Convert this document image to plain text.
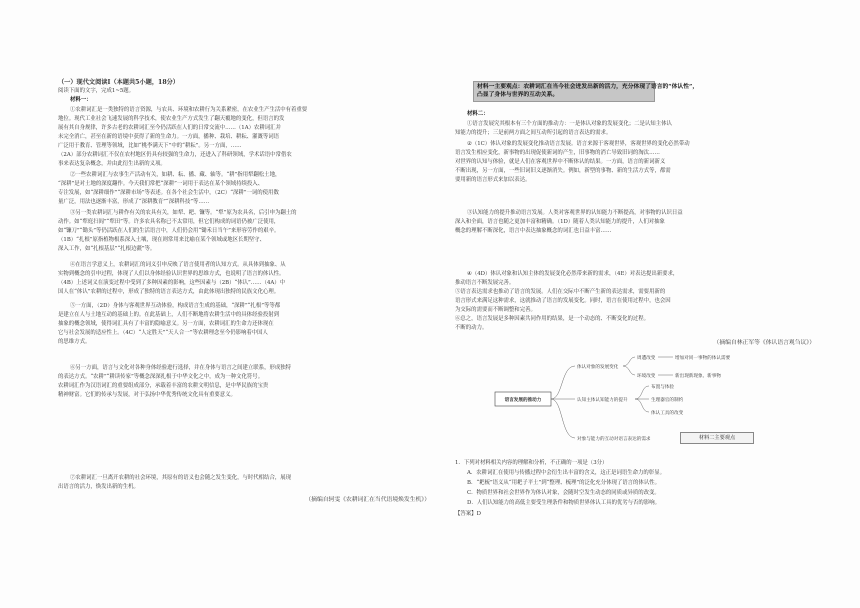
（一）现代文阅读Ⅰ（本题共5小题，18分）
阅读下面的文字，完成1~5题。
材料一：
①农耕词汇是一类独特的语言资源，与农具、环境和农耕行为关系紧密，在农业生产生活中有着重要
地位。现代工业社会飞速发展的科学技术，使农业生产方式发生了翻天覆地的变化，但语言的发
展有其自身规律，许多古老的农耕词汇至今仍活跃在人们的日常交流中……（1A）农耕词汇并
未完全消亡，甚至在新的语境中获得了新的生命力。一方面，播种、栽培、耕耘、灌溉等词语
广泛用于教育、管理等领域，比如“桃李满天下”中的“耕耘”。另一方面，……
（2A）部分农耕词汇不仅在农村地区仍具有较强的生命力，还进入了科研领域，学术话语中常借农
事来表达复杂概念，并由此衍生出新的义项。
②一些农耕词汇与农事生产活动有关，如耕、耘、播、藏、轴等。“耕”指用犁翻松土地，
“深耕”是对土地的深度翻作。今天我们常把“深耕”一词用于表达在某个领域持续投入、
专注发展，如“深耕细作”“深耕市场”等表述。在各个社会生活中，（2C）“深耕”一词的使用数
量广泛，用法也逐渐丰富，形成了“深耕教育”“深耕科技”等……
③另一类农耕词汇与耕作有关的农具有关，如犁、耙、镰等。“犁”原为农具名，后引申为翻土的
动作。如“犁庭扫闾”“犁田”等。许多农具名称已不太常用，但它们构成的词语仍被广泛使用，
如“镰刀”“锄头”等仍活跃在人们的生活语言中，人们仍会用“锄禾日当午”来形容劳作的艰辛。
（1B）“扎根”原指植物根系深入土壤，现在则常用来比喻在某个领域或地区长期坚守、
深入工作，如“扎根基层”“扎根边疆”等。
④在语言学意义上，农耕词汇的词义引申反映了语言使用者的认知方式。从具体到抽象、从
实物到概念的引申过程，体现了人们以身体经验认识世界的思维方式，也说明了语言的体认性。
（4B）上述词义在演变过程中受到了多种因素的影响，这些因素与（2B）“体认”……（4A）中
国人在“体认”农耕的过程中，形成了独特的语言表达方式，由此体现出独特的民族文化心理。
⑤一方面，（2D）身体与客观世界互动体验，构成语言生成的基础，“深耕”“扎根”等等都
是建立在人与土地互动的基础上的。在此基础上，人们不断地将农耕生活中的具体经验投射到
抽象的概念领域，使得词汇具有了丰富的隐喻意义。另一方面，农耕词汇的生命力还体现在
它与社会发展的适应性上。（4C）“人定胜天”“天人合一”等农耕理念至今仍影响着中国人
的思维方式。
⑥另一方面，语言与文化对各种身体经验进行选择，并在身体与语言之间建立联系，形成独特
的表达方式。“农耕”“耕读传家”等概念深深扎根于中华文化之中，成为一种文化符号。
农耕词汇作为汉语词汇的重要组成部分，承载着丰富的农耕文明信息，是中华民族的宝贵
精神财富。它们的传承与发展，对于弘扬中华优秀传统文化具有重要意义。
⑦农耕词汇一旦离开农耕的社会环境，其原有的语义也会随之发生变化，与时代相结合，展现
出语言的活力，焕发出新的生机。
（摘编自轲雯《农耕词汇在当代语境焕发生机》）
材料一主要观点：农耕词汇在当今社会迸发出新的活力，充分体现了语言的“体认性”，
凸显了身体与世界的互动关系。
材料二：
①语言发展究其根本有三个方面的推动力：一是体认对象的发展变化；二是认知主体认
知能力的提升；三是前两方面之间互动所引起的语言表达的需求。
②（1C）体认对象的发展变化推动语言发展。语言来源于客观世界，客观世界的变化必然带动
语言发生相应变化，新事物的出现促使新词的产生，旧事物的消亡导致旧词的淘汰……
对世界的认知与体验，就是人们在客观世界中不断体认的结果。一方面，语言的新词新义
不断出现，另一方面，一些旧词旧义逐渐消失。例如，新型的事物、新的生活方式等，都需
要用新的语言形式来加以表达。
③认知能力的提升推动语言发展。人类对客观世界的认知能力不断提高，对事物的认识日益
深入和全面，语言也随之更加丰富和精确。（1D）随着人类认知能力的提升，人们对抽象
概念的理解不断深化，语言中表达抽象概念的词汇也日益丰富……
④（4D）体认对象和认知主体的发展变化必然带来新的需求，（4E）对表达提出新要求，
推动语言不断发展完善。
⑤语言表达需求也推动了语言的发展。人们在交际中不断产生新的表达需求，需要用新的
语言形式来满足这种需求，这就推动了语言的发展变化。同时，语言在使用过程中，也会因
为交际的需要而不断调整和完善。
⑥总之，语言发展是多种因素共同作用的结果，是一个动态的、不断变化的过程。
不断的动力。
（摘编自林正军等《体认语言观刍议》）
语言发展的推动力
体认对象的发展变化
周遭改变
环境改变
增加对同一事物的体认需要
新出现新现象、新事物
认知主体认知能力的提升
布置与体验
生理器官的制约
体认工具的改变
对象与能力的互动对语言表达的需求	材料二主要观点
1．下列对材料相关内容的理解和分析，不正确的一项是（3分）
A．农耕词汇在使用与传播过程中会衍生出丰富的含义，这正是词语生命力的彰显。
B．“耙梳”语义从“用耙子平土”到“整理、梳理”的泛化充分体现了语言的体认性。
C．物质世界和社会世界作为体认对象，会随时空发生动态的同质或异质的改变。
D．人们认知能力的高低主要受生理条件和物质世界体认工具的优劣与否的影响。
【答案】D
